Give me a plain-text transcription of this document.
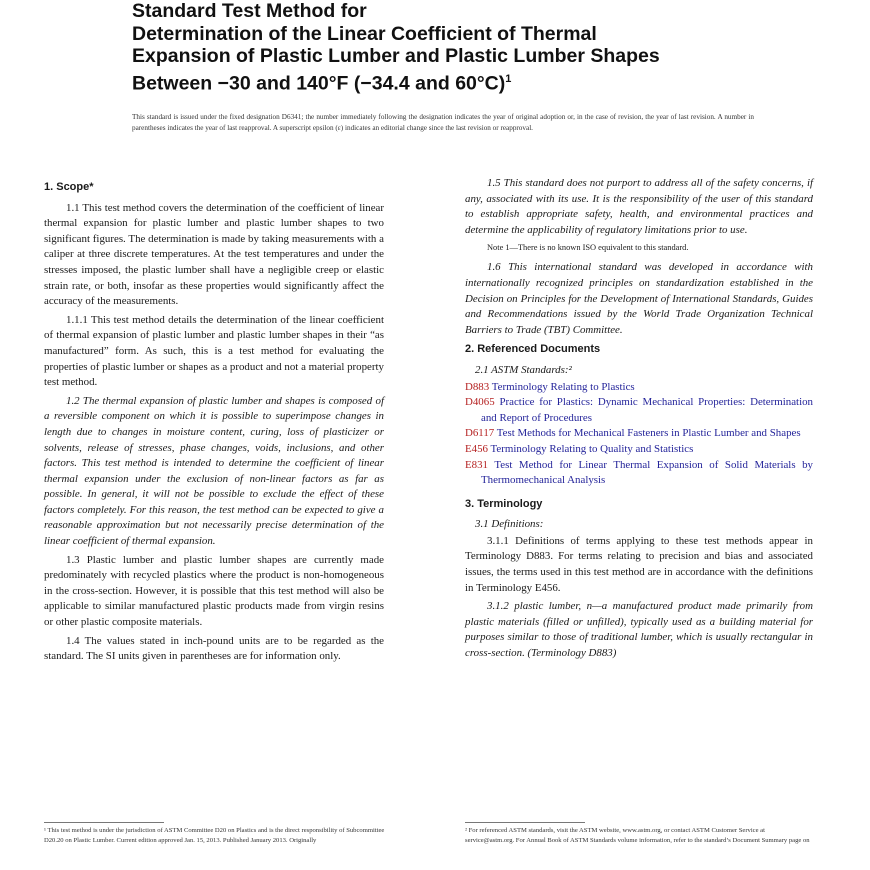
Standard Test Method for
Determination of the Linear Coefficient of Thermal
Expansion of Plastic Lumber and Plastic Lumber Shapes
Between −30 and 140°F (−34.4 and 60°C)$^1$
This standard is issued under the fixed designation D6341; the number immediately following the designation indicates the year of original adoption or, in the case of revision, the year of last revision. A number in parentheses indicates the year of last reapproval. A superscript epsilon (ε) indicates an editorial change since the last revision or reapproval.
1. Scope*

1.1 This test method covers the determination of the coefficient of linear thermal expansion for plastic lumber and plastic lumber shapes to two significant figures. The determination is made by taking measurements with a caliper at three discrete temperatures. At the test temperatures and under the stresses imposed, the plastic lumber shall have a negligible creep or elastic strain rate, or both, insofar as these properties would significantly affect the accuracy of the measurements.

1.1.1 This test method details the determination of the linear coefficient of thermal expansion of plastic lumber and plastic lumber shapes in their “as manufactured” form. As such, this is a test method for evaluating the properties of plastic lumber or shapes as a product and not a material property test method.

1.2 The thermal expansion of plastic lumber and shapes is composed of a reversible component on which it is possible to superimpose changes in length due to changes in moisture content, curing, loss of plasticizer or solvents, release of stresses, phase changes, voids, inclusions, and other factors. This test method is intended to determine the coefficient of linear thermal expansion under the exclusion of non-linear factors as far as possible. In general, it will not be possible to exclude the effect of these factors completely. For this reason, the test method can be expected to give a reasonable approximation but not necessarily precise determination of the linear coefficient of thermal expansion.

1.3 Plastic lumber and plastic lumber shapes are currently made predominately with recycled plastics where the product is non-homogeneous in the cross-section. However, it is possible that this test method will also be applicable to similar manufactured plastic products made from virgin resins or other plastic composite materials.

1.4 The values stated in inch-pound units are to be regarded as the standard. The SI units given in parentheses are for information only.

1.5 This standard does not purport to address all of the safety concerns, if any, associated with its use. It is the responsibility of the user of this standard to establish appropriate safety, health, and environmental practices and determine the applicability of regulatory limitations prior to use.

Note 1—There is no known ISO equivalent to this standard.

1.6 This international standard was developed in accordance with internationally recognized principles on standardization established in the Decision on Principles for the Development of International Standards, Guides and Recommendations issued by the World Trade Organization Technical Barriers to Trade (TBT) Committee.

2. Referenced Documents
2.1 ASTM Standards:²

D883 Terminology Relating to Plastics

D4065 Practice for Plastics: Dynamic Mechanical Properties: Determination and Report of Procedures

D6117 Test Methods for Mechanical Fasteners in Plastic Lumber and Shapes

E456 Terminology Relating to Quality and Statistics

E831 Test Method for Linear Thermal Expansion of Solid Materials by Thermomechanical Analysis

3. Terminology
3.1 Definitions:

3.1.1 Definitions of terms applying to these test methods appear in Terminology D883. For terms relating to precision and bias and associated issues, the terms used in this test method are in accordance with the definitions in Terminology E456.

3.1.2 plastic lumber, n—a manufactured product made primarily from plastic materials (filled or unfilled), typically used as a building material for purposes similar to those of traditional lumber, which is usually rectangular in cross-section. (Terminology D883)

¹ This test method is under the jurisdiction of ASTM Committee D20 on Plastics and is the direct responsibility of Subcommittee D20.20 on Plastic Lumber. Current edition approved Jan. 15, 2013. Published January 2013. Originally
² For referenced ASTM standards, visit the ASTM website, www.astm.org, or contact ASTM Customer Service at service@astm.org. For Annual Book of ASTM Standards volume information, refer to the standard’s Document Summary page on
